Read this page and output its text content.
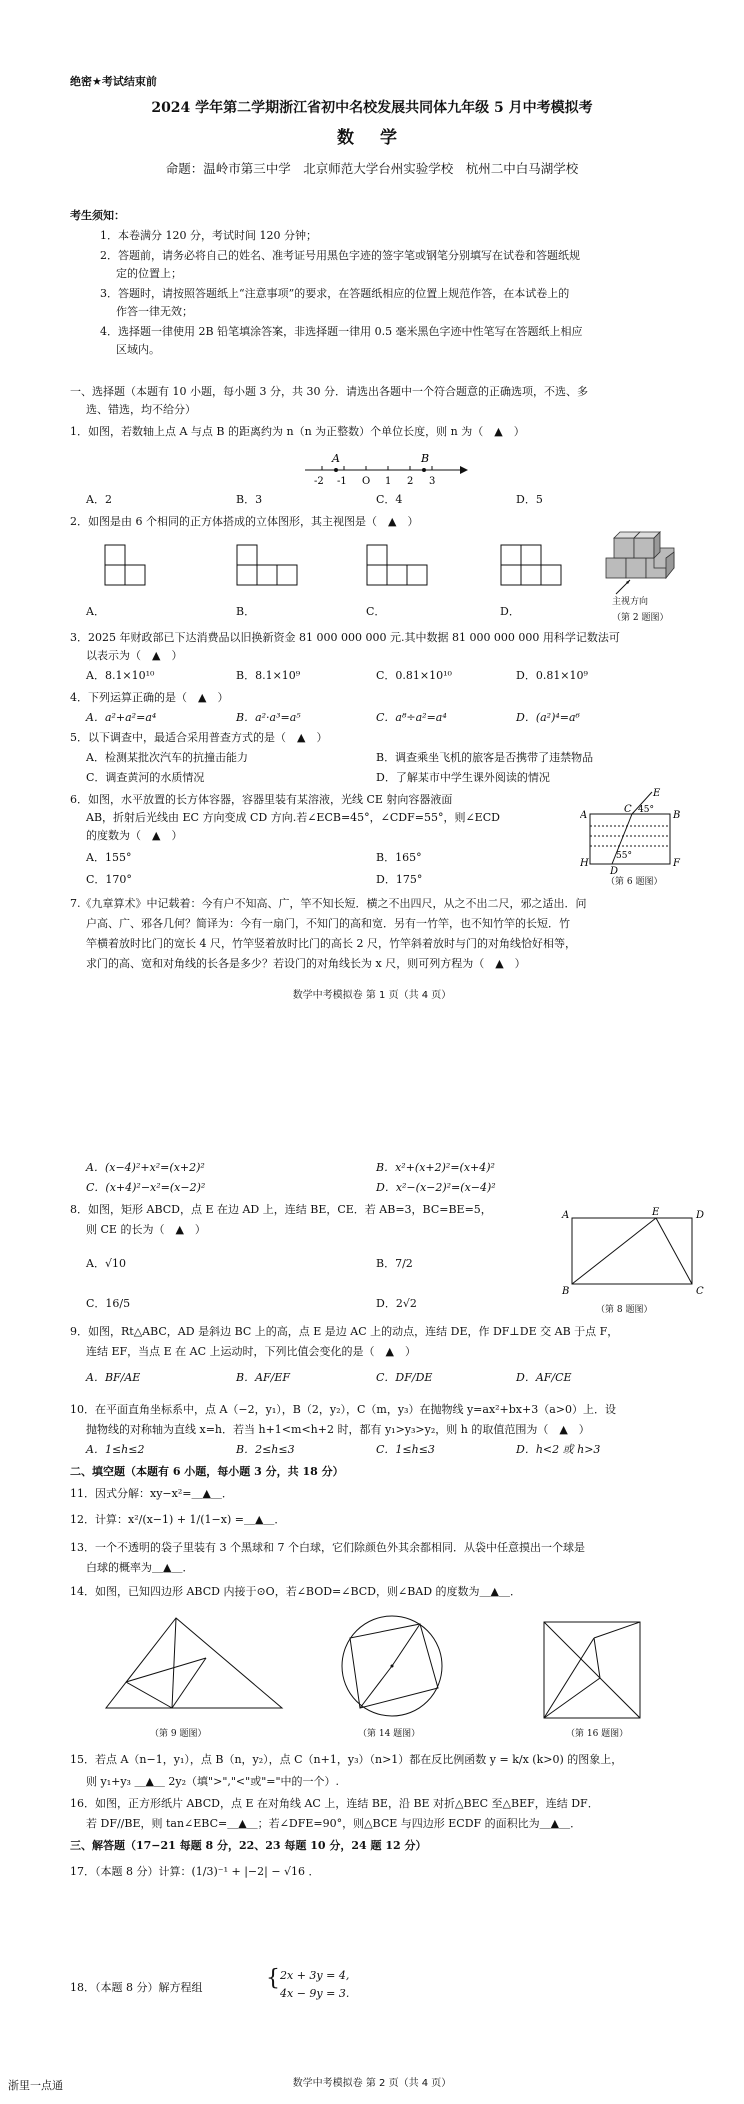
绝密★考试结束前
2024 学年第二学期浙江省初中名校发展共同体九年级 5 月中考模拟考
数 学
命题：温岭市第三中学　北京师范大学台州实验学校　杭州二中白马湖学校
考生须知：
1．本卷满分 120 分，考试时间 120 分钟；
2．答题前，请务必将自己的姓名、准考证号用黑色字迹的签字笔或钢笔分别填写在试卷和答题纸规
定的位置上；
3．答题时，请按照答题纸上“注意事项”的要求，在答题纸相应的位置上规范作答，在本试卷上的
作答一律无效；
4．选择题一律使用 2B 铅笔填涂答案，非选择题一律用 0.5 毫米黑色字迹中性笔写在答题纸上相应
区域内。
一、选择题（本题有 10 小题，每小题 3 分，共 30 分．请选出各题中一个符合题意的正确选项，不选、多
选、错选，均不给分）
1．如图，若数轴上点 A 与点 B 的距离约为 n（n 为正整数）个单位长度，则 n 为（　▲　）
A	B
-2 -1 O 1 2 3
A．2	B．3	C．4	D．5
2．如图是由 6 个相同的正方体搭成的立体图形，其主视图是（　▲　）
A．	B．	C．	D．
主视方向
（第 2 题图）
3．2025 年财政部已下达消费品以旧换新资金 81 000 000 000 元.其中数据 81 000 000 000 用科学记数法可
以表示为（　▲　）
A．8.1×10¹⁰	B．8.1×10⁹	C．0.81×10¹⁰	D．0.81×10⁹
4．下列运算正确的是（　▲　）
A．a²+a²=a⁴	B．a²·a³=a⁵	C．a⁸÷a²=a⁴	D．(a²)⁴=a⁶
5．以下调查中，最适合采用普查方式的是（　▲　）
A．检测某批次汽车的抗撞击能力	B．调查乘坐飞机的旅客是否携带了违禁物品
C．调查黄河的水质情况	D．了解某市中学生课外阅读的情况
6．如图，水平放置的长方体容器，容器里装有某溶液，光线 CE 射向容器液面
AB，折射后光线由 EC 方向变成 CD 方向.若∠ECB=45°，∠CDF=55°，则∠ECD
的度数为（　▲　）
A．155°	B．165°
C．170°	D．175°
E
A	B
C
H	F
D
45°
55°
（第 6 题图）
7.《九章算术》中记载着：今有户不知高、广，竿不知长短．横之不出四尺，从之不出二尺，邪之适出．问
户高、广、邪各几何？简译为：今有一扇门，不知门的高和宽．另有一竹竿，也不知竹竿的长短．竹
竿横着放时比门的宽长 4 尺，竹竿竖着放时比门的高长 2 尺，竹竿斜着放时与门的对角线恰好相等，
求门的高、宽和对角线的长各是多少？若设门的对角线长为 x 尺，则可列方程为（　▲　）
数学中考模拟卷 第 1 页（共 4 页）
A．(x−4)²+x²=(x+2)²	B．x²+(x+2)²=(x+4)²
C．(x+4)²−x²=(x−2)²	D．x²−(x−2)²=(x−4)²
8．如图，矩形 ABCD，点 E 在边 AD 上，连结 BE，CE．若 AB=3，BC=BE=5，
则 CE 的长为（　▲　）
A．√10	B．7/2
C．16/5	D．2√2
A	E	D
B	C
（第 8 题图）
9．如图，Rt△ABC，AD 是斜边 BC 上的高，点 E 是边 AC 上的动点，连结 DE，作 DF⊥DE 交 AB 于点 F，
连结 EF，当点 E 在 AC 上运动时，下列比值会变化的是（　▲　）
A．BF/AE	B．AF/EF	C．DF/DE	D．AF/CE
10．在平面直角坐标系中，点 A（−2，y₁），B（2，y₂），C（m，y₃）在抛物线 y=ax²+bx+3（a>0）上．设
抛物线的对称轴为直线 x=h．若当 h+1<m<h+2 时，都有 y₁>y₃>y₂，则 h 的取值范围为（　▲　）
A．1≤h≤2	B．2≤h≤3	C．1≤h≤3	D．h<2 或 h>3
二、填空题（本题有 6 小题，每小题 3 分，共 18 分）
11．因式分解：xy−x²=＿▲＿．
12．计算：x²/(x−1) + 1/(1−x) =＿▲＿．
13．一个不透明的袋子里装有 3 个黑球和 7 个白球，它们除颜色外其余都相同．从袋中任意摸出一个球是
白球的概率为＿▲＿．
14．如图，已知四边形 ABCD 内接于⊙O，若∠BOD=∠BCD，则∠BAD 的度数为＿▲＿．
（第 9 题图）	（第 14 题图）	（第 16 题图）
15．若点 A（n−1，y₁），点 B（n，y₂），点 C（n+1，y₃）（n>1）都在反比例函数 y = k/x (k>0) 的图象上，
则 y₁+y₃ ＿▲＿ 2y₂（填">","<"或"="中的一个）.
16．如图，正方形纸片 ABCD，点 E 在对角线 AC 上，连结 BE，沿 BE 对折△BEC 至△BEF，连结 DF．
若 DF//BE，则 tan∠EBC=＿▲＿；若∠DFE=90°，则△BCE 与四边形 ECDF 的面积比为＿▲＿．
三、解答题（17−21 每题 8 分，22、23 每题 10 分，24 题 12 分）
17．（本题 8 分）计算：(1/3)⁻¹ + |−2| − √16 ．
18．（本题 8 分）解方程组	{ 2x + 3y = 4,
4x − 9y = 3.
数学中考模拟卷 第 2 页（共 4 页）
浙里一点通
